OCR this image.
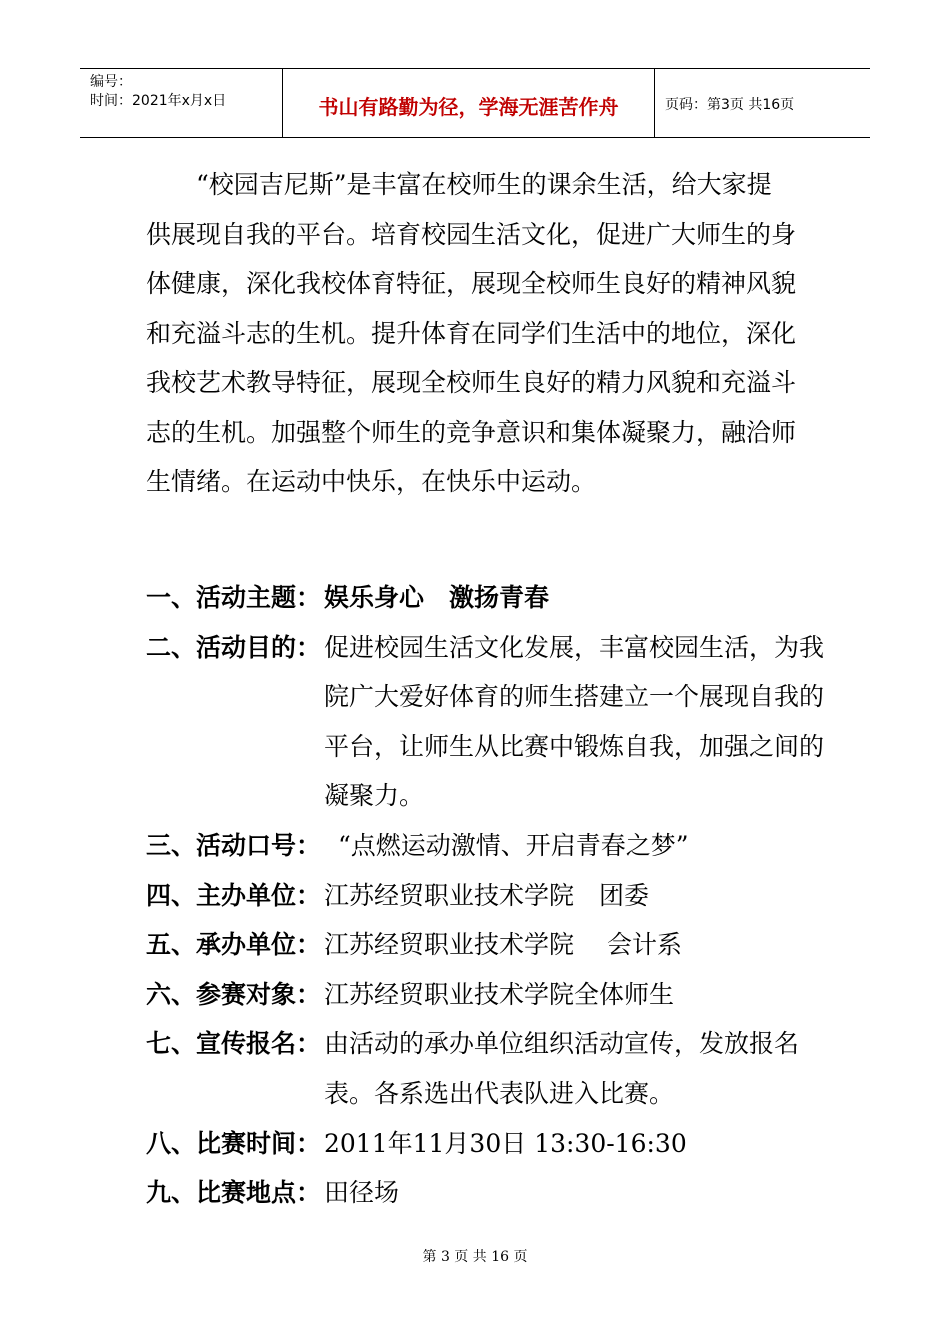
编号：
时间：2021年x月x日	书山有路勤为径，学海无涯苦作舟	页码：第3页 共16页
“校园吉尼斯”是丰富在校师生的课余生活，给大家提供展现自我的平台。培育校园生活文化，促进广大师生的身体健康，深化我校体育特征，展现全校师生良好的精神风貌和充溢斗志的生机。提升体育在同学们生活中的地位，深化我校艺术教导特征，展现全校师生良好的精力风貌和充溢斗志的生机。加强整个师生的竞争意识和集体凝聚力，融洽师生情绪。在运动中快乐，在快乐中运动。
一、活动主题： 娱乐身心　激扬青春
二、活动目的： 促进校园生活文化发展，丰富校园生活，为我院广大爱好体育的师生搭建立一个展现自我的平台，让师生从比赛中锻炼自我，加强之间的凝聚力。
三、活动口号： “点燃运动激情、开启青春之梦”
四、主办单位： 江苏经贸职业技术学院　团委
五、承办单位： 江苏经贸职业技术学院　 会计系
六、参赛对象： 江苏经贸职业技术学院全体师生
七、宣传报名： 由活动的承办单位组织活动宣传，发放报名表。各系选出代表队进入比赛。
八、比赛时间： 2011年11月30日 13:30-16:30
九、比赛地点： 田径场
第 3 页 共 16 页
